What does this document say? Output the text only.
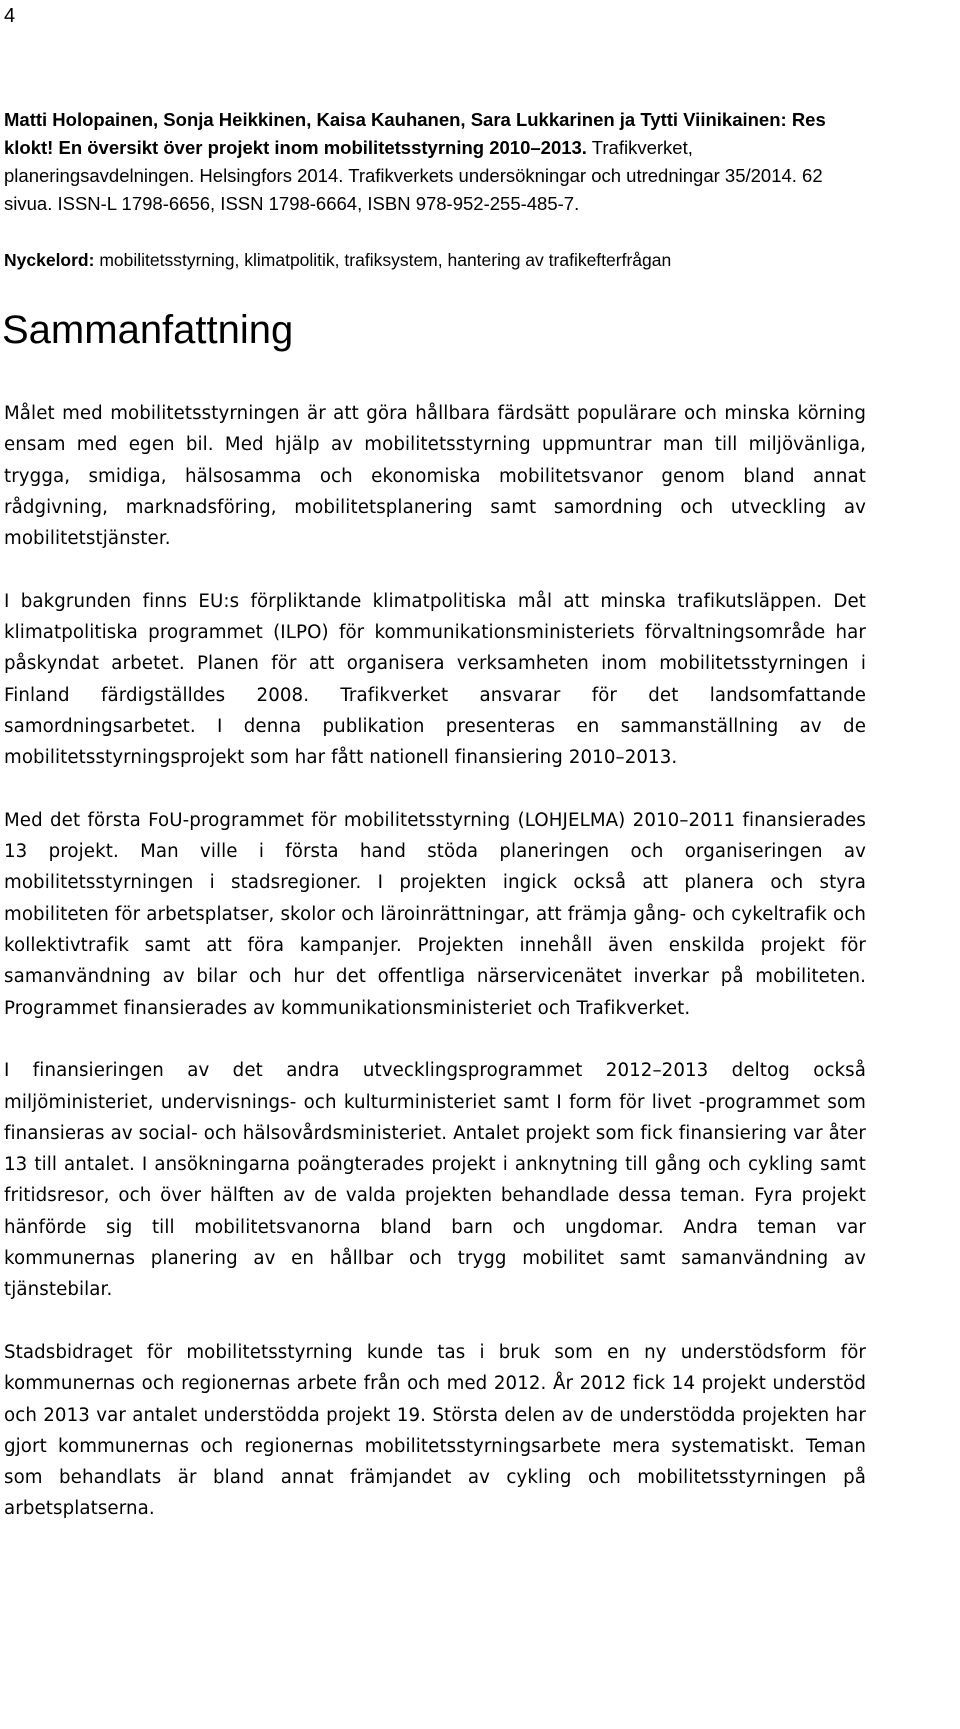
4
Matti Holopainen, Sonja Heikkinen, Kaisa Kauhanen, Sara Lukkarinen ja Tytti Viinikainen: Res klokt! En översikt över projekt inom mobilitetsstyrning 2010–2013. Trafikverket, planeringsavdelningen. Helsingfors 2014. Trafikverkets undersökningar och utredningar 35/2014. 62 sivua. ISSN-L 1798-6656, ISSN 1798-6664, ISBN 978-952-255-485-7.
Nyckelord: mobilitetsstyrning, klimatpolitik, trafiksystem, hantering av trafikefterfrågan
Sammanfattning

Målet med mobilitetsstyrningen är att göra hållbara färdsätt populärare och minska körning ensam med egen bil. Med hjälp av mobilitetsstyrning uppmuntrar man till miljövänliga, trygga, smidiga, hälsosamma och ekonomiska mobilitetsvanor genom bland annat rådgivning, marknadsföring, mobilitetsplanering samt samordning och utveckling av mobilitetstjänster.

I bakgrunden finns EU:s förpliktande klimatpolitiska mål att minska trafikutsläppen. Det klimatpolitiska programmet (ILPO) för kommunikationsministeriets förvaltningsområde har påskyndat arbetet. Planen för att organisera verksamheten inom mobilitetsstyrningen i Finland färdigställdes 2008. Trafikverket ansvarar för det landsomfattande samordningsarbetet. I denna publikation presenteras en sammanställning av de mobilitetsstyrningsprojekt som har fått nationell finansiering 2010–2013.

Med det första FoU-programmet för mobilitetsstyrning (LOHJELMA) 2010–2011 finansierades 13 projekt. Man ville i första hand stöda planeringen och organiseringen av mobilitetsstyrningen i stadsregioner. I projekten ingick också att planera och styra mobiliteten för arbetsplatser, skolor och läroinrättningar, att främja gång- och cykeltrafik och kollektivtrafik samt att föra kampanjer. Projekten innehåll även enskilda projekt för samanvändning av bilar och hur det offentliga närservicenätet inverkar på mobiliteten. Programmet finansierades av kommunikationsministeriet och Trafikverket.

I finansieringen av det andra utvecklingsprogrammet 2012–2013 deltog också miljöministeriet, undervisnings- och kulturministeriet samt I form för livet -programmet som finansieras av social- och hälsovårdsministeriet. Antalet projekt som fick finansiering var åter 13 till antalet. I ansökningarna poängterades projekt i anknytning till gång och cykling samt fritidsresor, och över hälften av de valda projekten behandlade dessa teman. Fyra projekt hänförde sig till mobilitetsvanorna bland barn och ungdomar. Andra teman var kommunernas planering av en hållbar och trygg mobilitet samt samanvändning av tjänstebilar.

Stadsbidraget för mobilitetsstyrning kunde tas i bruk som en ny understödsform för kommunernas och regionernas arbete från och med 2012. År 2012 fick 14 projekt understöd och 2013 var antalet understödda projekt 19. Största delen av de understödda projekten har gjort kommunernas och regionernas mobilitetsstyrningsarbete mera systematiskt. Teman som behandlats är bland annat främjandet av cykling och mobilitetsstyrningen på arbetsplatserna.
